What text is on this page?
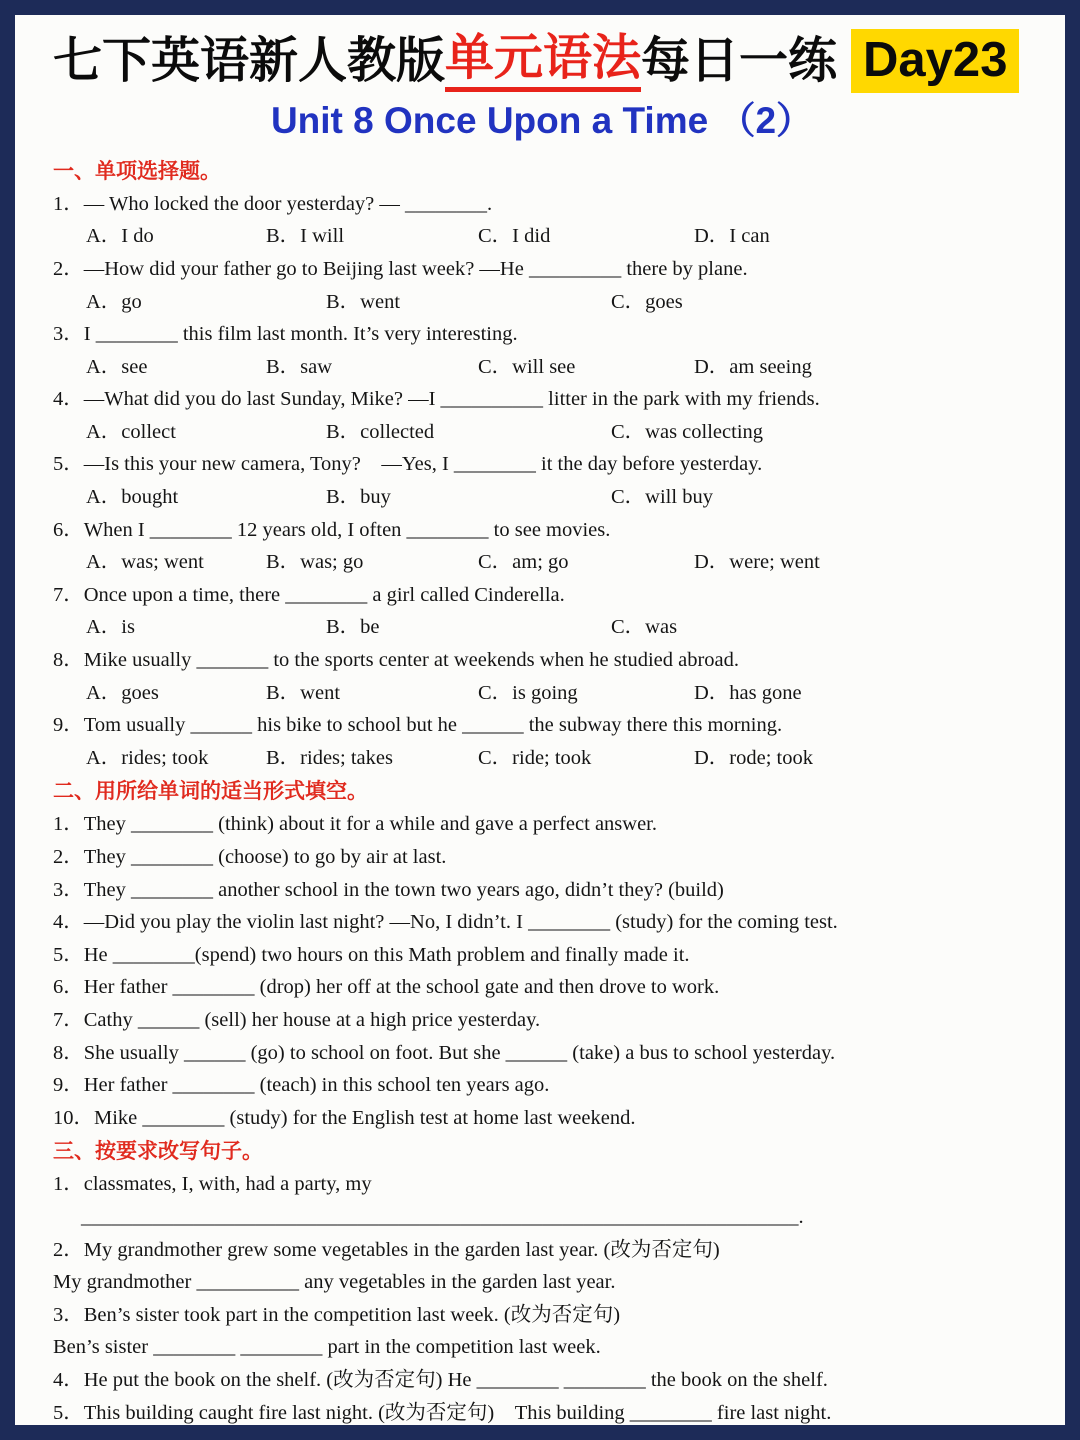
七下英语新人教版 单元语法 每日一练 Day23
Unit 8 Once Upon a Time （2）
一、单项选择题。
1．— Who locked the door yesterday? — ________.
A．I do	B．I will	C．I did	D．I can
2．—How did your father go to Beijing last week? —He _________ there by plane.
A．go	B．went	C．goes
3．I ________ this film last month. It’s very interesting.
A．see	B．saw	C．will see	D．am seeing
4．—What did you do last Sunday, Mike? —I __________ litter in the park with my friends.
A．collect	B．collected	C．was collecting
5．—Is this your new camera, Tony?　—Yes, I ________ it the day before yesterday.
A．bought	B．buy	C．will buy
6．When I ________ 12 years old, I often ________ to see movies.
A．was; went	B．was; go	C．am; go	D．were; went
7．Once upon a time, there ________ a girl called Cinderella.
A．is	B．be	C．was
8．Mike usually _______ to the sports center at weekends when he studied abroad.
A．goes	B．went	C．is going	D．has gone
9．Tom usually ______ his bike to school but he ______ the subway there this morning.
A．rides; took	B．rides; takes	C．ride; took	D．rode; took
二、用所给单词的适当形式填空。
1．They ________ (think) about it for a while and gave a perfect answer.
2．They ________ (choose) to go by air at last.
3．They ________ another school in the town two years ago, didn’t they? (build)
4．—Did you play the violin last night? —No, I didn’t. I ________ (study) for the coming test.
5．He ________(spend) two hours on this Math problem and finally made it.
6．Her father ________ (drop) her off at the school gate and then drove to work.
7．Cathy ______ (sell) her house at a high price yesterday.
8．She usually ______ (go) to school on foot. But she ______ (take) a bus to school yesterday.
9．Her father ________ (teach) in this school ten years ago.
10．Mike ________ (study) for the English test at home last weekend.
三、按要求改写句子。
1．classmates, I, with, had a party, my
______________________________________________________________________.
2．My grandmother grew some vegetables in the garden last year. (改为否定句)
My grandmother __________ any vegetables in the garden last year.
3．Ben’s sister took part in the competition last week. (改为否定句)
Ben’s sister ________ ________ part in the competition last week.
4．He put the book on the shelf. (改为否定句) He ________ ________ the book on the shelf.
5．This building caught fire last night. (改为否定句)　This building ________ fire last night.
